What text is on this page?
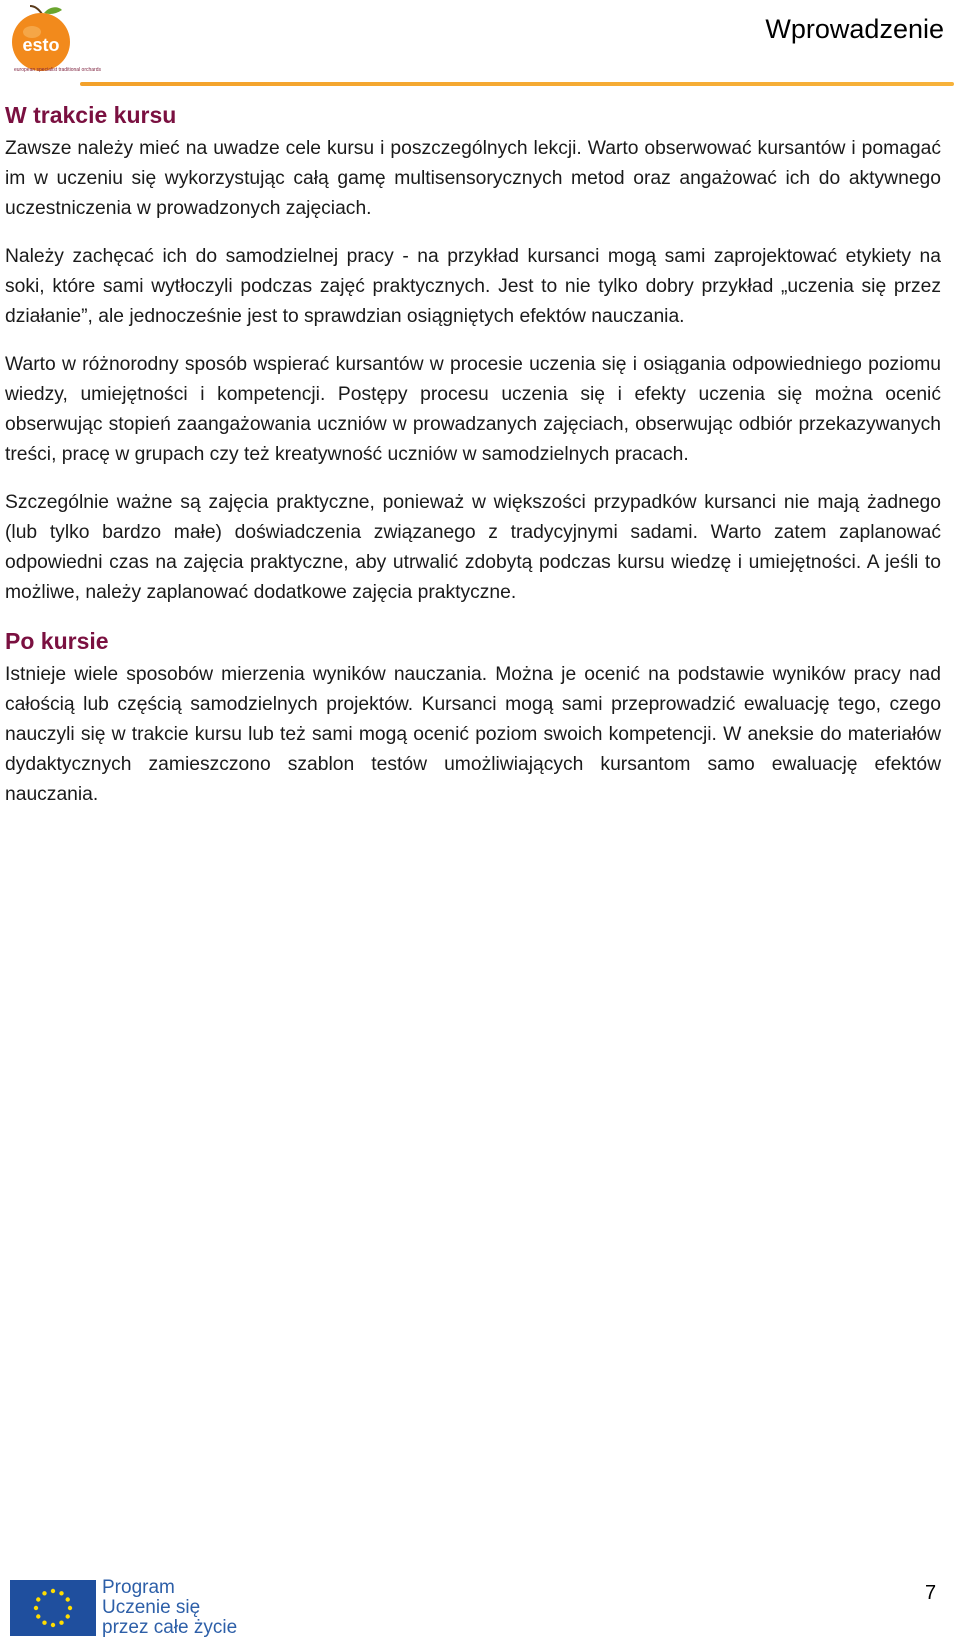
esto
european specialist traditional orchards
Wprowadzenie
W trakcie kursu

Zawsze należy mieć na uwadze cele kursu i poszczególnych lekcji. Warto obserwować kursantów i pomagać im w uczeniu się wykorzystując całą gamę multisensorycznych metod oraz angażować ich do aktywnego uczestniczenia w prowadzonych zajęciach.

Należy zachęcać ich do samodzielnej pracy - na przykład kursanci mogą sami zaprojektować etykiety na soki, które sami wytłoczyli podczas zajęć praktycznych. Jest to nie tylko dobry przykład „uczenia się przez działanie”, ale jednocześnie jest to sprawdzian osiągniętych efektów nauczania.

Warto w różnorodny sposób wspierać kursantów w procesie uczenia się i osiągania odpowiedniego poziomu wiedzy, umiejętności i kompetencji. Postępy procesu uczenia się i efekty uczenia się można ocenić obserwując stopień zaangażowania uczniów w prowadzanych zajęciach, obserwując odbiór przekazywanych treści, pracę w grupach czy też kreatywność uczniów w samodzielnych pracach.

Szczególnie ważne są zajęcia praktyczne, ponieważ w większości przypadków kursanci nie mają żadnego (lub tylko bardzo małe) doświadczenia związanego z tradycyjnymi sadami. Warto zatem zaplanować odpowiedni czas na zajęcia praktyczne, aby utrwalić zdobytą podczas kursu wiedzę i umiejętności. A jeśli to możliwe, należy zaplanować dodatkowe zajęcia praktyczne.

Po kursie

Istnieje wiele sposobów mierzenia wyników nauczania. Można je ocenić na podstawie wyników pracy nad całością lub częścią samodzielnych projektów. Kursanci mogą sami przeprowadzić ewaluację tego, czego nauczyli się w trakcie kursu lub też sami mogą ocenić poziom swoich kompetencji. W aneksie do materiałów dydaktycznych zamieszczono szablon testów umożliwiających kursantom samo ewaluację efektów nauczania.

Program
Uczenie się
przez całe życie
7
